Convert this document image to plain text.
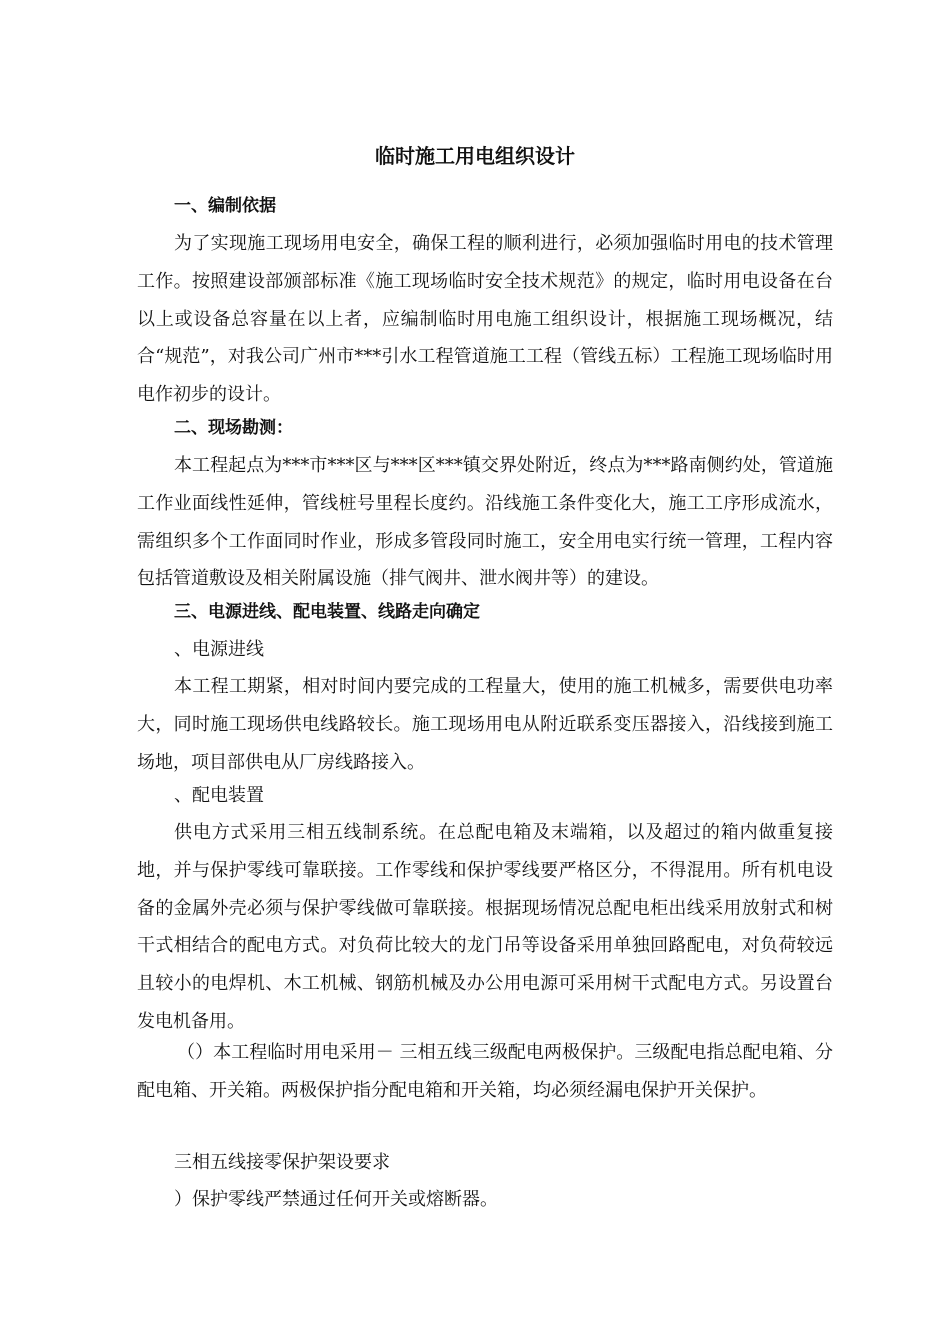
临时施工用电组织设计

一、编制依据

为了实现施工现场用电安全，确保工程的顺利进行，必须加强临时用电的技术管理工作。按照建设部颁部标准《施工现场临时安全技术规范》的规定，临时用电设备在台以上或设备总容量在以上者，应编制临时用电施工组织设计，根据施工现场概况，结合“规范”，对我公司广州市***引水工程管道施工工程（管线五标）工程施工现场临时用电作初步的设计。

二、现场勘测：

本工程起点为***市***区与***区***镇交界处附近，终点为***路南侧约处，管道施工作业面线性延伸，管线桩号里程长度约。沿线施工条件变化大，施工工序形成流水，需组织多个工作面同时作业，形成多管段同时施工，安全用电实行统一管理，工程内容包括管道敷设及相关附属设施（排气阀井、泄水阀井等）的建设。

三、电源进线、配电装置、线路走向确定

、电源进线

本工程工期紧，相对时间内要完成的工程量大，使用的施工机械多，需要供电功率大，同时施工现场供电线路较长。施工现场用电从附近联系变压器接入，沿线接到施工场地，项目部供电从厂房线路接入。

、配电装置

供电方式采用三相五线制系统。在总配电箱及末端箱，以及超过的箱内做重复接地，并与保护零线可靠联接。工作零线和保护零线要严格区分，不得混用。所有机电设备的金属外壳必须与保护零线做可靠联接。根据现场情况总配电柜出线采用放射式和树干式相结合的配电方式。对负荷比较大的龙门吊等设备采用单独回路配电，对负荷较远且较小的电焊机、木工机械、钢筋机械及办公用电源可采用树干式配电方式。另设置台发电机备用。

（）本工程临时用电采用－ 三相五线三级配电两极保护。三级配电指总配电箱、分配电箱、开关箱。两极保护指分配电箱和开关箱，均必须经漏电保护开关保护。

三相五线接零保护架设要求

）保护零线严禁通过任何开关或熔断器。
